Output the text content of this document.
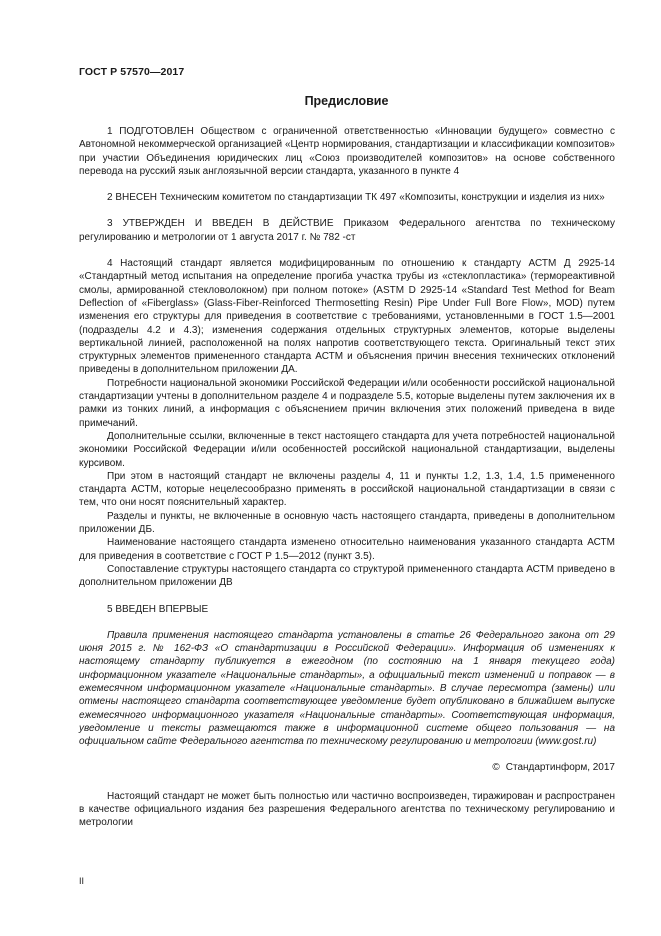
ГОСТ Р 57570—2017
Предисловие

1 ПОДГОТОВЛЕН Обществом с ограниченной ответственностью «Инновации будущего» совместно с Автономной некоммерческой организацией «Центр нормирования, стандартизации и классификации композитов» при участии Объединения юридических лиц «Союз производителей композитов» на основе собственного перевода на русский язык англоязычной версии стандарта, указанного в пункте 4

2 ВНЕСЕН Техническим комитетом по стандартизации ТК 497 «Композиты, конструкции и изделия из них»

3 УТВЕРЖДЕН И ВВЕДЕН В ДЕЙСТВИЕ Приказом Федерального агентства по техническому регулированию и метрологии от 1 августа 2017 г. № 782 -ст

4 Настоящий стандарт является модифицированным по отношению к стандарту АСТМ Д 2925-14 «Стандартный метод испытания на определение прогиба участка трубы из «стеклопластика» (термореактивной смолы, армированной стекловолокном) при полном потоке» (ASTM D 2925-14 «Standard Test Method for Beam Deflection of «Fiberglass» (Glass-Fiber-Reinforced Thermosetting Resin) Pipe Under Full Bore Flow», MOD) путем изменения его структуры для приведения в соответствие с требованиями, установленными в ГОСТ 1.5—2001 (подразделы 4.2 и 4.3); изменения содержания отдельных структурных элементов, которые выделены вертикальной линией, расположенной на полях напротив соответствующего текста. Оригинальный текст этих структурных элементов примененного стандарта АСТМ и объяснения причин внесения технических отклонений приведены в дополнительном приложении ДА.

Потребности национальной экономики Российской Федерации и/или особенности российской национальной стандартизации учтены в дополнительном разделе 4 и подразделе 5.5, которые выделены путем заключения их в рамки из тонких линий, а информация с объяснением причин включения этих положений приведена в виде примечаний.

Дополнительные ссылки, включенные в текст настоящего стандарта для учета потребностей национальной экономики Российской Федерации и/или особенностей российской национальной стандартизации, выделены курсивом.

При этом в настоящий стандарт не включены разделы 4, 11 и пункты 1.2, 1.3, 1.4, 1.5 примененного стандарта АСТМ, которые нецелесообразно применять в российской национальной стандартизации в связи с тем, что они носят пояснительный характер.

Разделы и пункты, не включенные в основную часть настоящего стандарта, приведены в дополнительном приложении ДБ.

Наименование настоящего стандарта изменено относительно наименования указанного стандарта АСТМ для приведения в соответствие с ГОСТ Р 1.5—2012 (пункт 3.5).

Сопоставление структуры настоящего стандарта со структурой примененного стандарта АСТМ приведено в дополнительном приложении ДВ

5 ВВЕДЕН ВПЕРВЫЕ

Правила применения настоящего стандарта установлены в статье 26 Федерального закона от 29 июня 2015 г. № 162-ФЗ «О стандартизации в Российской Федерации». Информация об изменениях к настоящему стандарту публикуется в ежегодном (по состоянию на 1 января текущего года) информационном указателе «Национальные стандарты», а официальный текст изменений и поправок — в ежемесячном информационном указателе «Национальные стандарты». В случае пересмотра (замены) или отмены настоящего стандарта соответствующее уведомление будет опубликовано в ближайшем выпуске ежемесячного информационного указателя «Национальные стандарты». Соответствующая информация, уведомление и тексты размещаются также в информационной системе общего пользования — на официальном сайте Федерального агентства по техническому регулированию и метрологии (www.gost.ru)

© Стандартинформ, 2017

Настоящий стандарт не может быть полностью или частично воспроизведен, тиражирован и распространен в качестве официального издания без разрешения Федерального агентства по техническому регулированию и метрологии

II
